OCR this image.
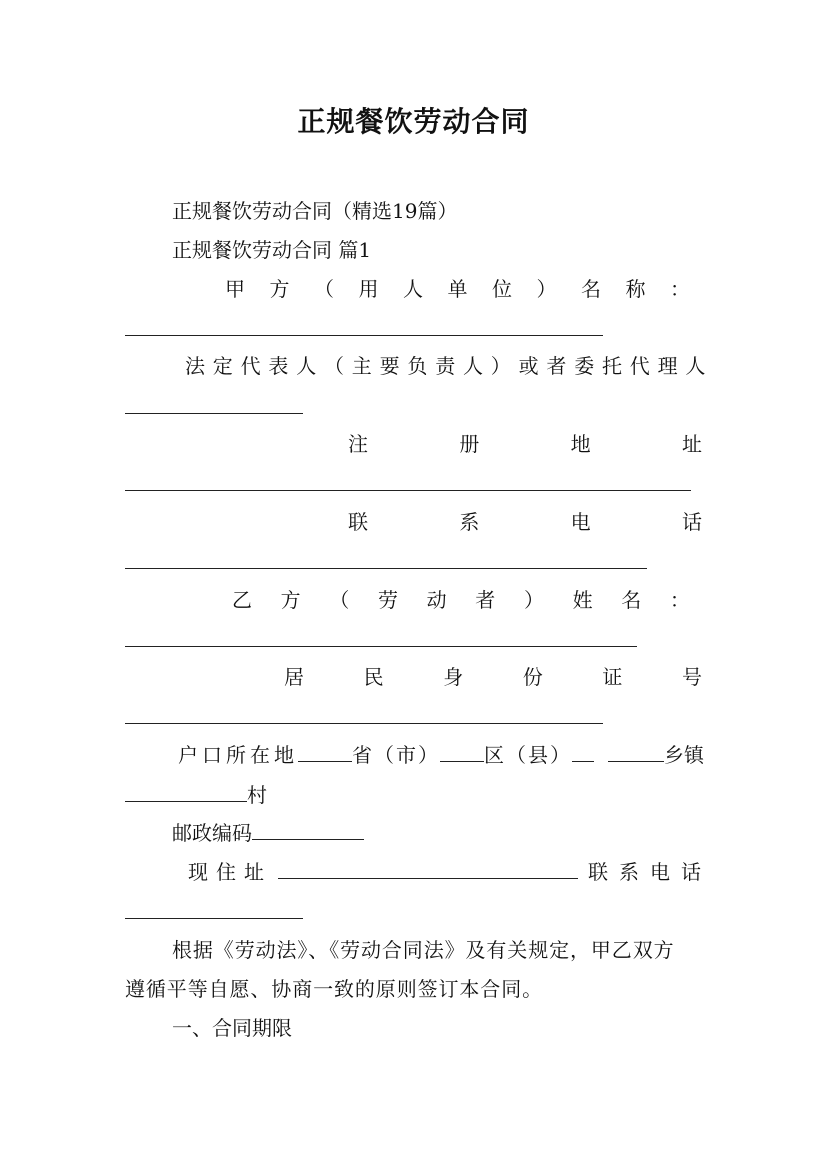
正规餐饮劳动合同
正规餐饮劳动合同（精选19篇）
正规餐饮劳动合同 篇1
甲 方 （ 用 人 单 位 ） 名 称 ：
法定代表人（主要负责人）或者委托代理人
注	册	地	址
联	系	电	话
乙 方 （ 劳 动 者 ） 姓 名 ：
居	民	身	份	证	号
户口所在地	省（市） 区（县）	乡镇
村
邮政编码
现住址	联系电话
根据《劳动法》、《劳动合同法》及有关规定，甲乙双方
遵循平等自愿、协商一致的原则签订本合同。
一、合同期限
